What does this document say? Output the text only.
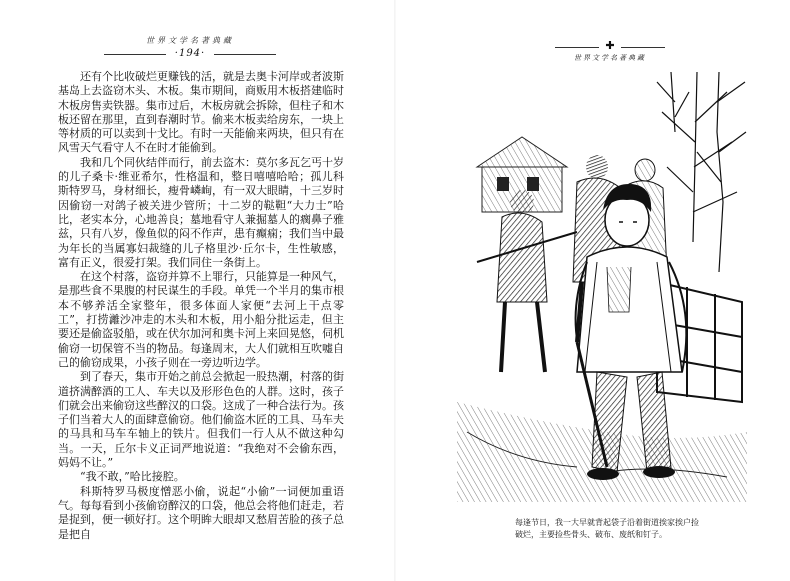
世界文学名著典藏
·194·

还有个比收破烂更赚钱的活，就是去奥卡河岸或者波斯基岛上去盗窃木头、木板。集市期间，商贩用木板搭建临时木板房售卖铁器。集市过后，木板房就会拆除，但柱子和木板还留在那里，直到春潮时节。偷来木板卖给房东，一块上等材质的可以卖到十戈比。有时一天能偷来两块，但只有在风雪天气看守人不在时才能偷到。

我和几个同伙结伴而行，前去盗木：莫尔多瓦乞丐十岁的儿子桑卡·维亚希尔，性格温和，整日嘻嘻哈哈；孤儿科斯特罗马，身材细长，瘦骨嶙峋，有一双大眼睛，十三岁时因偷窃一对鸽子被关进少管所；十二岁的鞑靼“大力士”哈比，老实本分，心地善良；墓地看守人兼掘墓人的瘸鼻子雅兹，只有八岁，像鱼似的闷不作声，患有癫痫；我们当中最为年长的当属寡妇裁缝的儿子格里沙·丘尔卡，生性敏感，富有正义，很爱打架。我们同住一条街上。

在这个村落，盗窃并算不上罪行，只能算是一种风气，是那些食不果腹的村民谋生的手段。单凭一个半月的集市根本不够养活全家整年，很多体面人家便“去河上干点零工”，打捞灕沙冲走的木头和木板，用小船分批运走，但主要还是偷盗驳船，或在伏尔加河和奥卡河上来回晃悠，伺机偷窃一切保管不当的物品。每逢周末，大人们就相互吹嘘自己的偷窃成果，小孩子则在一旁边听边学。

到了春天，集市开始之前总会掀起一股热潮，村落的街道挤满醉酒的工人、车夫以及形形色色的人群。这时，孩子们就会出来偷窃这些醉汉的口袋。这成了一种合法行为。孩子们当着大人的面肆意偷窃。他们偷盗木匠的工具、马车夫的马具和马车车轴上的铁片。但我们一行人从不做这种勾当。一天，丘尔卡义正词严地说道：“我绝对不会偷东西，妈妈不让。”

“我不敢，”哈比接腔。

科斯特罗马极度憎恶小偷，说起“小偷”一词便加重语气。每每看到小孩偷窃醉汉的口袋，他总会将他们赶走，若是捉到，便一顿好打。这个明眸大眼却又愁眉苦脸的孩子总是把自

✚
世界文学名著典藏
每逢节日，我一大早就背起袋子沿着街道挨家挨户捡
破烂，主要捡些骨头、破布、废纸和钉子。
